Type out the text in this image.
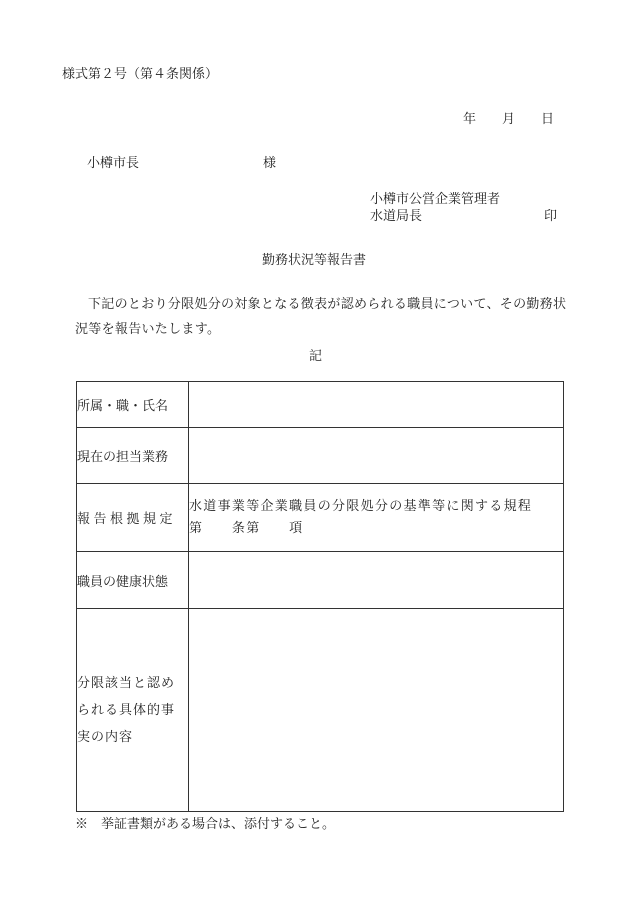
様式第２号（第４条関係）
年 月 日
小樽市長	様
小樽市公営企業管理者
水道局長	印
勤務状況等報告書
下記のとおり分限処分の対象となる徴表が認められる職員について、その勤務状
況等を報告いたします。
記
所属・職・氏名	
現在の担当業務	
報告根拠規定	水道事業等企業職員の分限処分の基準等に関する規程
第　　条第　　項

職員の健康状態	

分限該当と認め
られる具体的事
実の内容	

※　挙証書類がある場合は、添付すること。
